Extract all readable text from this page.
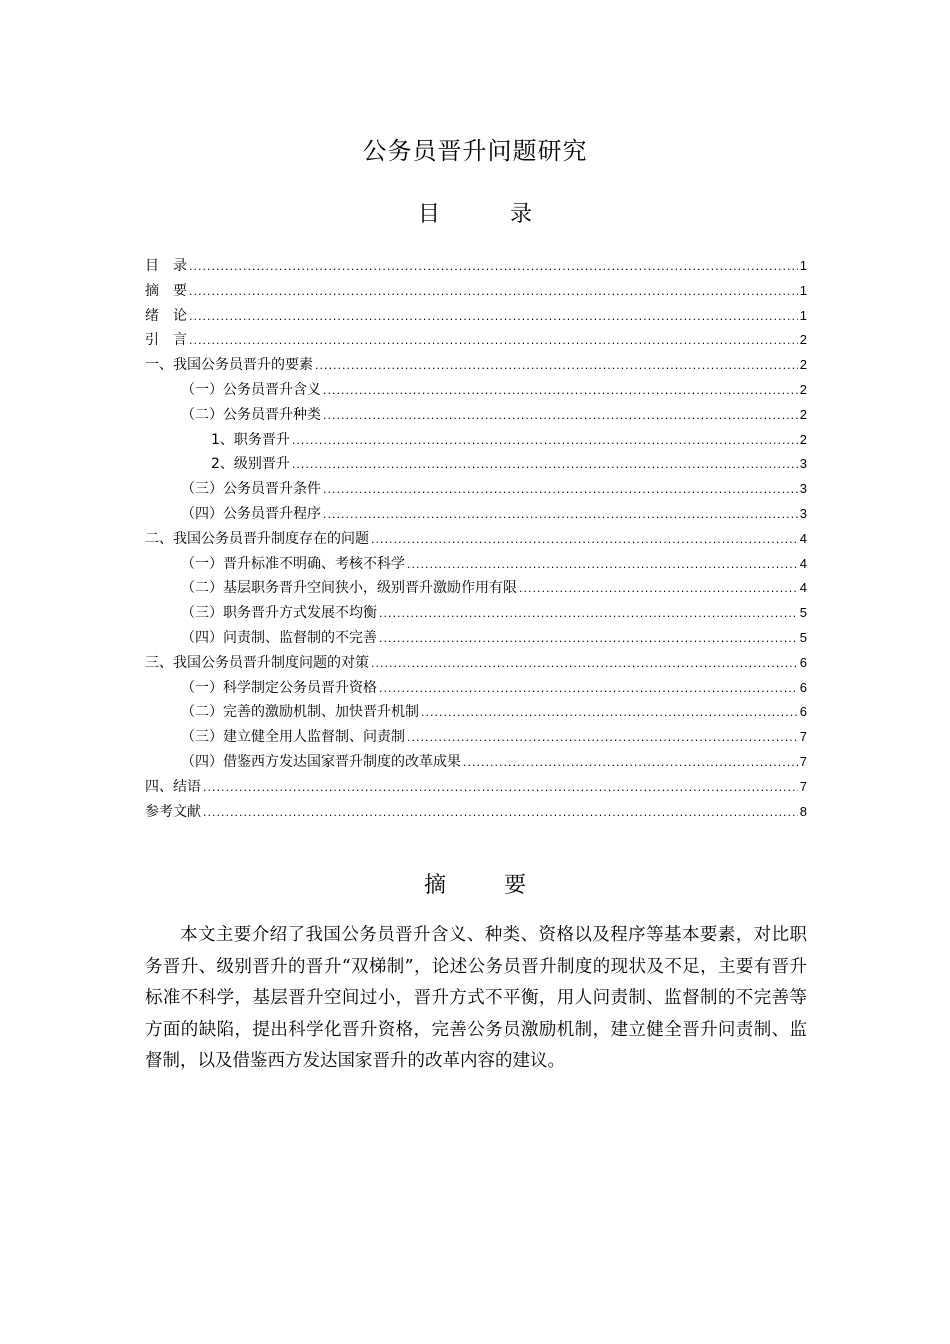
公务员晋升问题研究
目　录
目　录 .....	1
摘　要 .....	1
绪　论 .....	1
引　言 .....	2
一、我国公务员晋升的要素 .....	2
（一）公务员晋升含义 .....	2
（二）公务员晋升种类 .....	2
1、职务晋升 .....	2
2、级别晋升 .....	3
（三）公务员晋升条件 .....	3
（四）公务员晋升程序 .....	3
二、我国公务员晋升制度存在的问题 .....	4
（一）晋升标准不明确、考核不科学 .....	4
（二）基层职务晋升空间狭小，级别晋升激励作用有限 .....	4
（三）职务晋升方式发展不均衡 .....	5
（四）问责制、监督制的不完善 .....	5
三、我国公务员晋升制度问题的对策 .....	6
（一）科学制定公务员晋升资格 .....	6
（二）完善的激励机制、加快晋升机制 .....	6
（三）建立健全用人监督制、问责制 .....	7
（四）借鉴西方发达国家晋升制度的改革成果 .....	7
四、结语 .....	7
参考文献 .....	8
摘　要

本文主要介绍了我国公务员晋升含义、种类、资格以及程序等基本要素，对比职务晋升、级别晋升的晋升“双梯制”，论述公务员晋升制度的现状及不足，主要有晋升标准不科学，基层晋升空间过小，晋升方式不平衡，用人问责制、监督制的不完善等方面的缺陷，提出科学化晋升资格，完善公务员激励机制，建立健全晋升问责制、监督制，以及借鉴西方发达国家晋升的改革内容的建议。
